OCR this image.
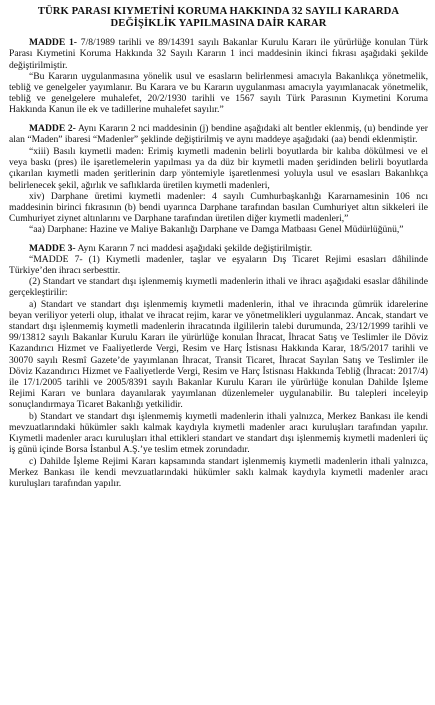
TÜRK PARASI KIYMETİNİ KORUMA HAKKINDA 32 SAYILI KARARDA
DEĞİŞİKLİK YAPILMASINA DAİR KARAR

MADDE 1- 7/8/1989 tarihli ve 89/14391 sayılı Bakanlar Kurulu Kararı ile yürürlüğe konulan Türk Parası Kıymetini Koruma Hakkında 32 Sayılı Kararın 1 inci maddesinin ikinci fıkrası aşağıdaki şekilde değiştirilmiştir.

“Bu Kararın uygulanmasına yönelik usul ve esasların belirlenmesi amacıyla Bakanlıkça yönetmelik, tebliğ ve genelgeler yayımlanır. Bu Karara ve bu Kararın uygulanması amacıyla yayımlanacak yönetmelik, tebliğ ve genelgelere muhalefet, 20/2/1930 tarihli ve 1567 sayılı Türk Parasının Kıymetini Koruma Hakkında Kanun ile ek ve tadillerine muhalefet sayılır.”

MADDE 2- Aynı Kararın 2 nci maddesinin (j) bendine aşağıdaki alt bentler eklenmiş, (u) bendinde yer alan “Maden” ibaresi “Madenler” şeklinde değiştirilmiş ve aynı maddeye aşağıdaki (aa) bendi eklenmiştir.

“xiii) Basılı kıymetli maden: Erimiş kıymetli madenin belirli boyutlarda bir kalıba dökülmesi ve el veya baskı (pres) ile işaretlemelerin yapılması ya da düz bir kıymetli maden şeridinden belirli boyutlarda çıkarılan kıymetli maden şeritlerinin darp yöntemiyle işaretlenmesi yoluyla usul ve esasları Bakanlıkça belirlenecek şekil, ağırlık ve saflıklarda üretilen kıymetli madenleri,

xiv) Darphane üretimi kıymetli madenler: 4 sayılı Cumhurbaşkanlığı Kararnamesinin 106 ncı maddesinin birinci fıkrasının (b) bendi uyarınca Darphane tarafından basılan Cumhuriyet altın sikkeleri ile Cumhuriyet ziynet altınlarını ve Darphane tarafından üretilen diğer kıymetli madenleri,”

“aa) Darphane: Hazine ve Maliye Bakanlığı Darphane ve Damga Matbaası Genel Müdürlüğünü,”

MADDE 3- Aynı Kararın 7 nci maddesi aşağıdaki şekilde değiştirilmiştir.

“MADDE 7- (1) Kıymetli madenler, taşlar ve eşyaların Dış Ticaret Rejimi esasları dâhilinde Türkiye’den ihracı serbesttir.

(2) Standart ve standart dışı işlenmemiş kıymetli madenlerin ithali ve ihracı aşağıdaki esaslar dâhilinde gerçekleştirilir:

a) Standart ve standart dışı işlenmemiş kıymetli madenlerin, ithal ve ihracında gümrük idarelerine beyan veriliyor yeterli olup, ithalat ve ihracat rejim, karar ve yönetmelikleri uygulanmaz. Ancak, standart ve standart dışı işlenmemiş kıymetli madenlerin ihracatında ilgililerin talebi durumunda, 23/12/1999 tarihli ve 99/13812 sayılı Bakanlar Kurulu Kararı ile yürürlüğe konulan İhracat, İhracat Satış ve Teslimler ile Döviz Kazandırıcı Hizmet ve Faaliyetlerde Vergi, Resim ve Harç İstisnası Hakkında Karar, 18/5/2017 tarihli ve 30070 sayılı Resmî Gazete’de yayımlanan İhracat, Transit Ticaret, İhracat Sayılan Satış ve Teslimler ile Döviz Kazandırıcı Hizmet ve Faaliyetlerde Vergi, Resim ve Harç İstisnası Hakkında Tebliğ (İhracat: 2017/4) ile 17/1/2005 tarihli ve 2005/8391 sayılı Bakanlar Kurulu Kararı ile yürürlüğe konulan Dahilde İşleme Rejimi Kararı ve bunlara dayanılarak yayımlanan düzenlemeler uygulanabilir. Bu talepleri inceleyip sonuçlandırmaya Ticaret Bakanlığı yetkilidir.

b) Standart ve standart dışı işlenmemiş kıymetli madenlerin ithali yalnızca, Merkez Bankası ile kendi mevzuatlarındaki hükümler saklı kalmak kaydıyla kıymetli madenler aracı kuruluşları tarafından yapılır. Kıymetli madenler aracı kuruluşları ithal ettikleri standart ve standart dışı işlenmemiş kıymetli madenleri üç iş günü içinde Borsa İstanbul A.Ş.’ye teslim etmek zorundadır.

c) Dahilde İşleme Rejimi Kararı kapsamında standart işlenmemiş kıymetli madenlerin ithali yalnızca, Merkez Bankası ile kendi mevzuatlarındaki hükümler saklı kalmak kaydıyla kıymetli madenler aracı kuruluşları tarafından yapılır.
